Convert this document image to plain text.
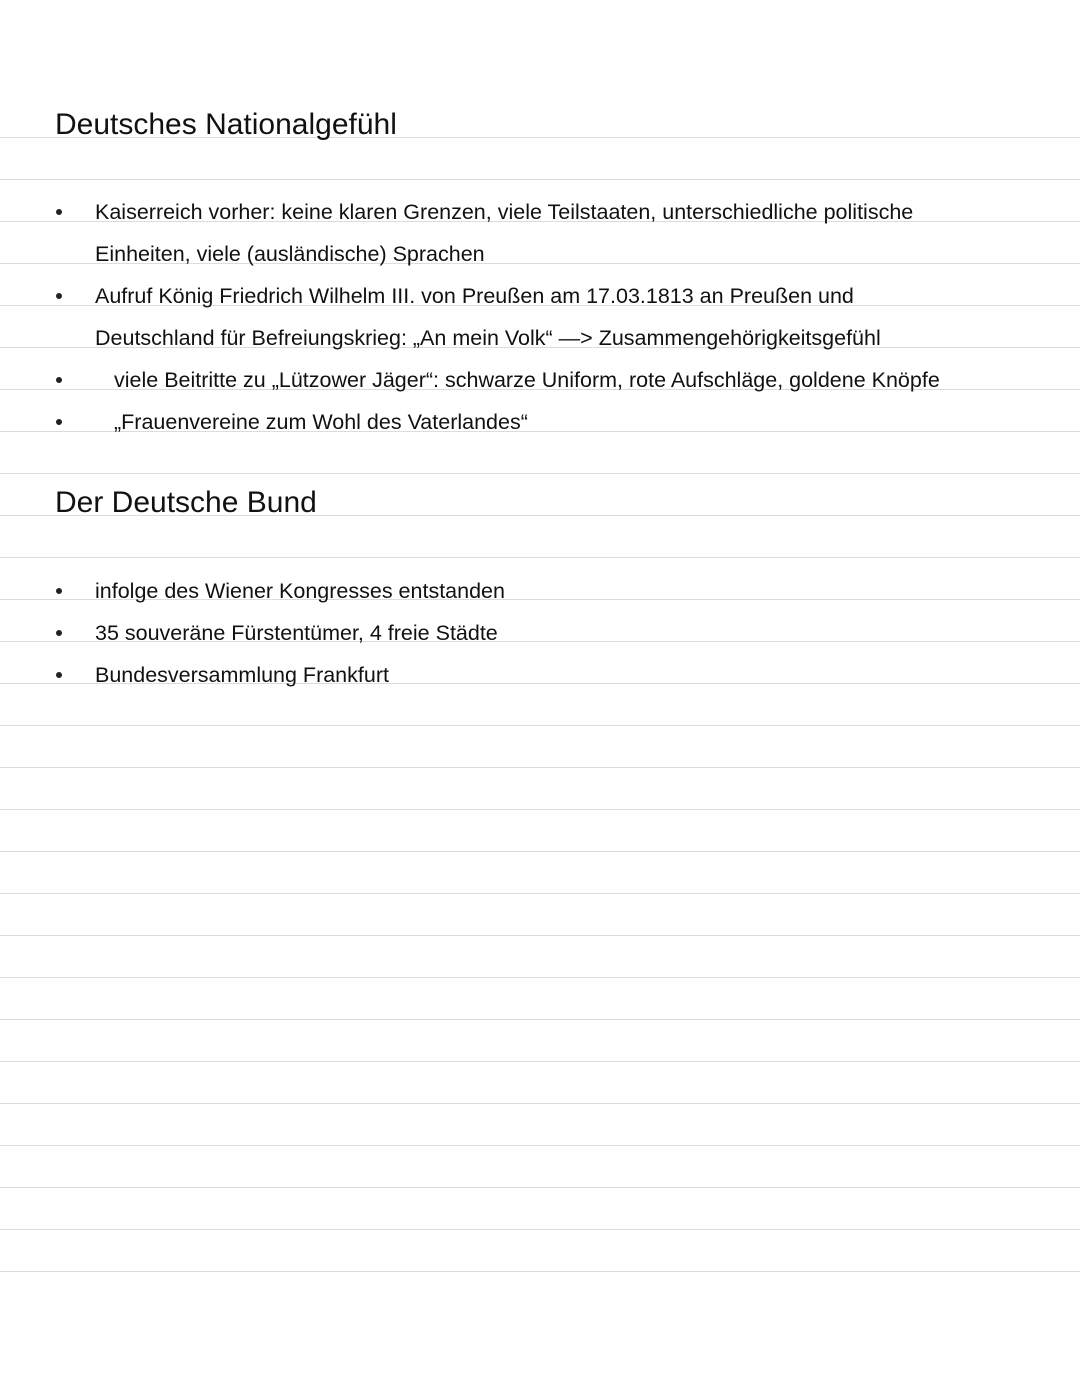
Deutsches Nationalgefühl
Kaiserreich vorher: keine klaren Grenzen, viele Teilstaaten, unterschiedliche politische
Einheiten, viele (ausländische) Sprachen
Aufruf König Friedrich Wilhelm III. von Preußen am 17.03.1813 an Preußen und
Deutschland für Befreiungskrieg: „An mein Volk“ —> Zusammengehörigkeitsgefühl
viele Beitritte zu „Lützower Jäger“: schwarze Uniform, rote Aufschläge, goldene Knöpfe
„Frauenvereine zum Wohl des Vaterlandes“
Der Deutsche Bund
infolge des Wiener Kongresses entstanden
35 souveräne Fürstentümer, 4 freie Städte
Bundesversammlung Frankfurt
